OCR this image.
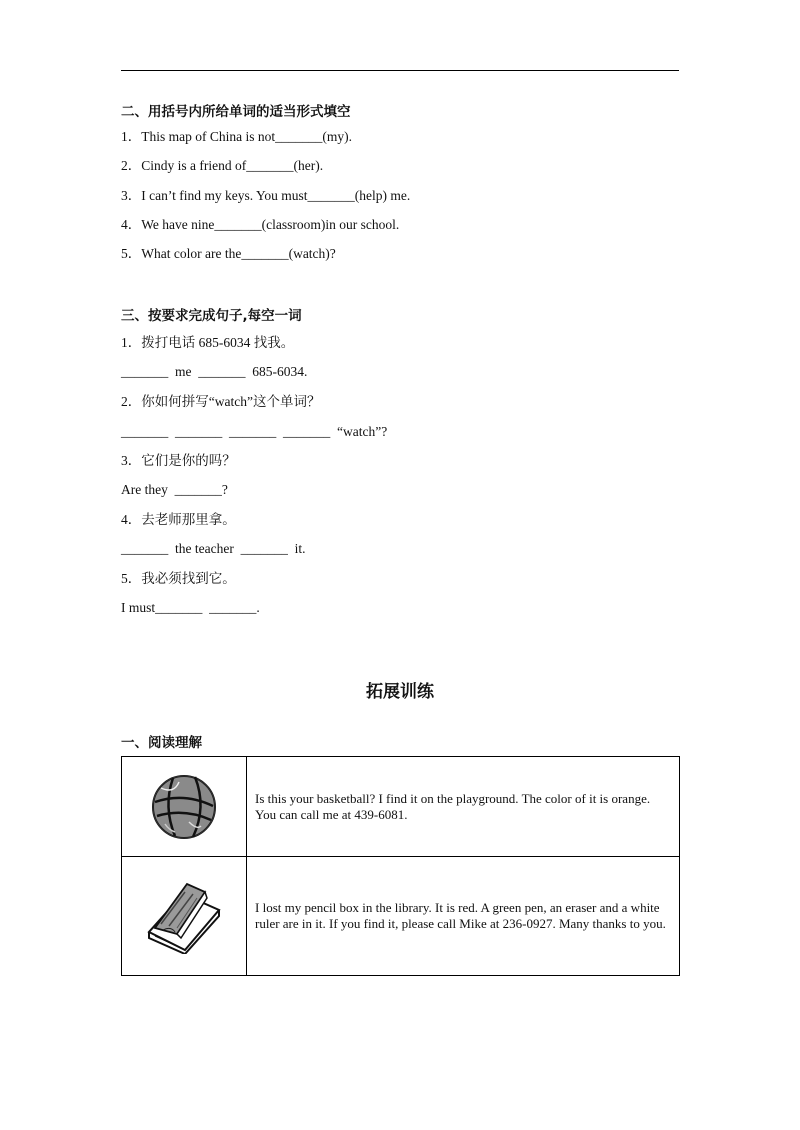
二、用括号内所给单词的适当形式填空
1．This map of China is not_______(my).
2．Cindy is a friend of_______(her).
3．I can’t find my keys. You must_______(help) me.
4．We have nine_______(classroom)in our school.
5．What color are the_______(watch)?
三、按要求完成句子,每空一词
1．拨打电话 685-6034 找我。
_______  me  _______  685-6034.
2．你如何拼写“watch”这个单词？
_______  _______  _______  _______  “watch”?
3．它们是你的吗？
Are they  _______?
4．去老师那里拿。
_______  the teacher  _______  it.
5．我必须找到它。
I must_______  _______.
拓展训练
一、阅读理解
	Is this your basketball? I find it on the playground. The color of it is orange. You can call me at 439-6081.

	I lost my pencil box in the library. It is red. A green pen, an eraser and a white ruler are in it. If you find it, please call Mike at 236-0927. Many thanks to you.
